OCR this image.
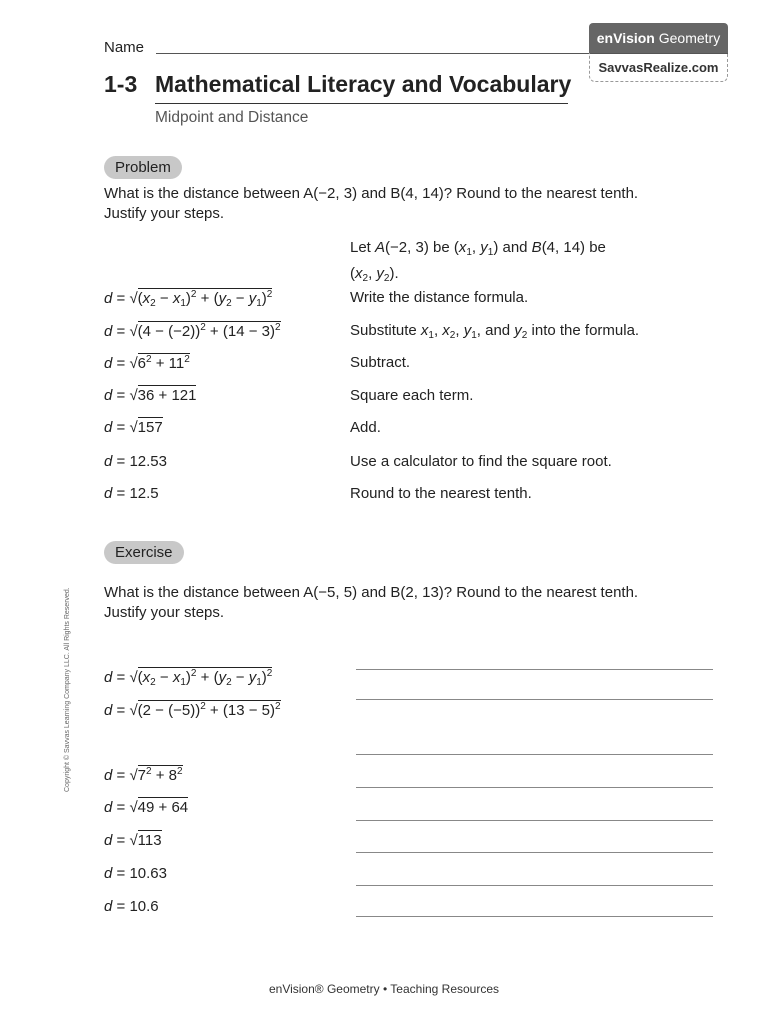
Name
enVision
Geometry
SavvasRealize.com
1-3 Mathematical Literacy and Vocabulary
Midpoint and Distance
Problem
What is the distance between A(−2, 3) and B(4, 14)? Round to the nearest tenth.
Justify your steps.
Let A(−2, 3) be ($x_1$, $y_1$) and B(4, 14) be
($x_2$, $y_2$).
$d = √(x_2 - x_1)^2 + (y_2 - y_1)^2$
$d = √(4 - (-2))^2 + (14 - 3)^2$
$d = √6^2 + 11^2$
d = √36 + 121
d = √157
d = 12.53
d = 12.5
Write the distance formula.
Substitute $x_1$, $x_2$, $y_1$, and $y_2$ into the formula.
Subtract.
Square each term.
Add.
Use a calculator to find the square root.
Round to the nearest tenth.
Exercise
What is the distance between A(−5, 5) and B(2, 13)? Round to the nearest tenth.
Justify your steps.
$d = √(x_2 - x_1)^2 + (y_2 - y_1)^2$
$d = √(2 - (-5))^2 + (13 - 5)^2$
$d = √7^2 + 8^2$
d = √49 + 64
d = √113
d = 10.63
d = 10.6
Copyright © Savvas Learning Company LLC. All Rights Reserved.
enVision® Geometry • Teaching Resources
